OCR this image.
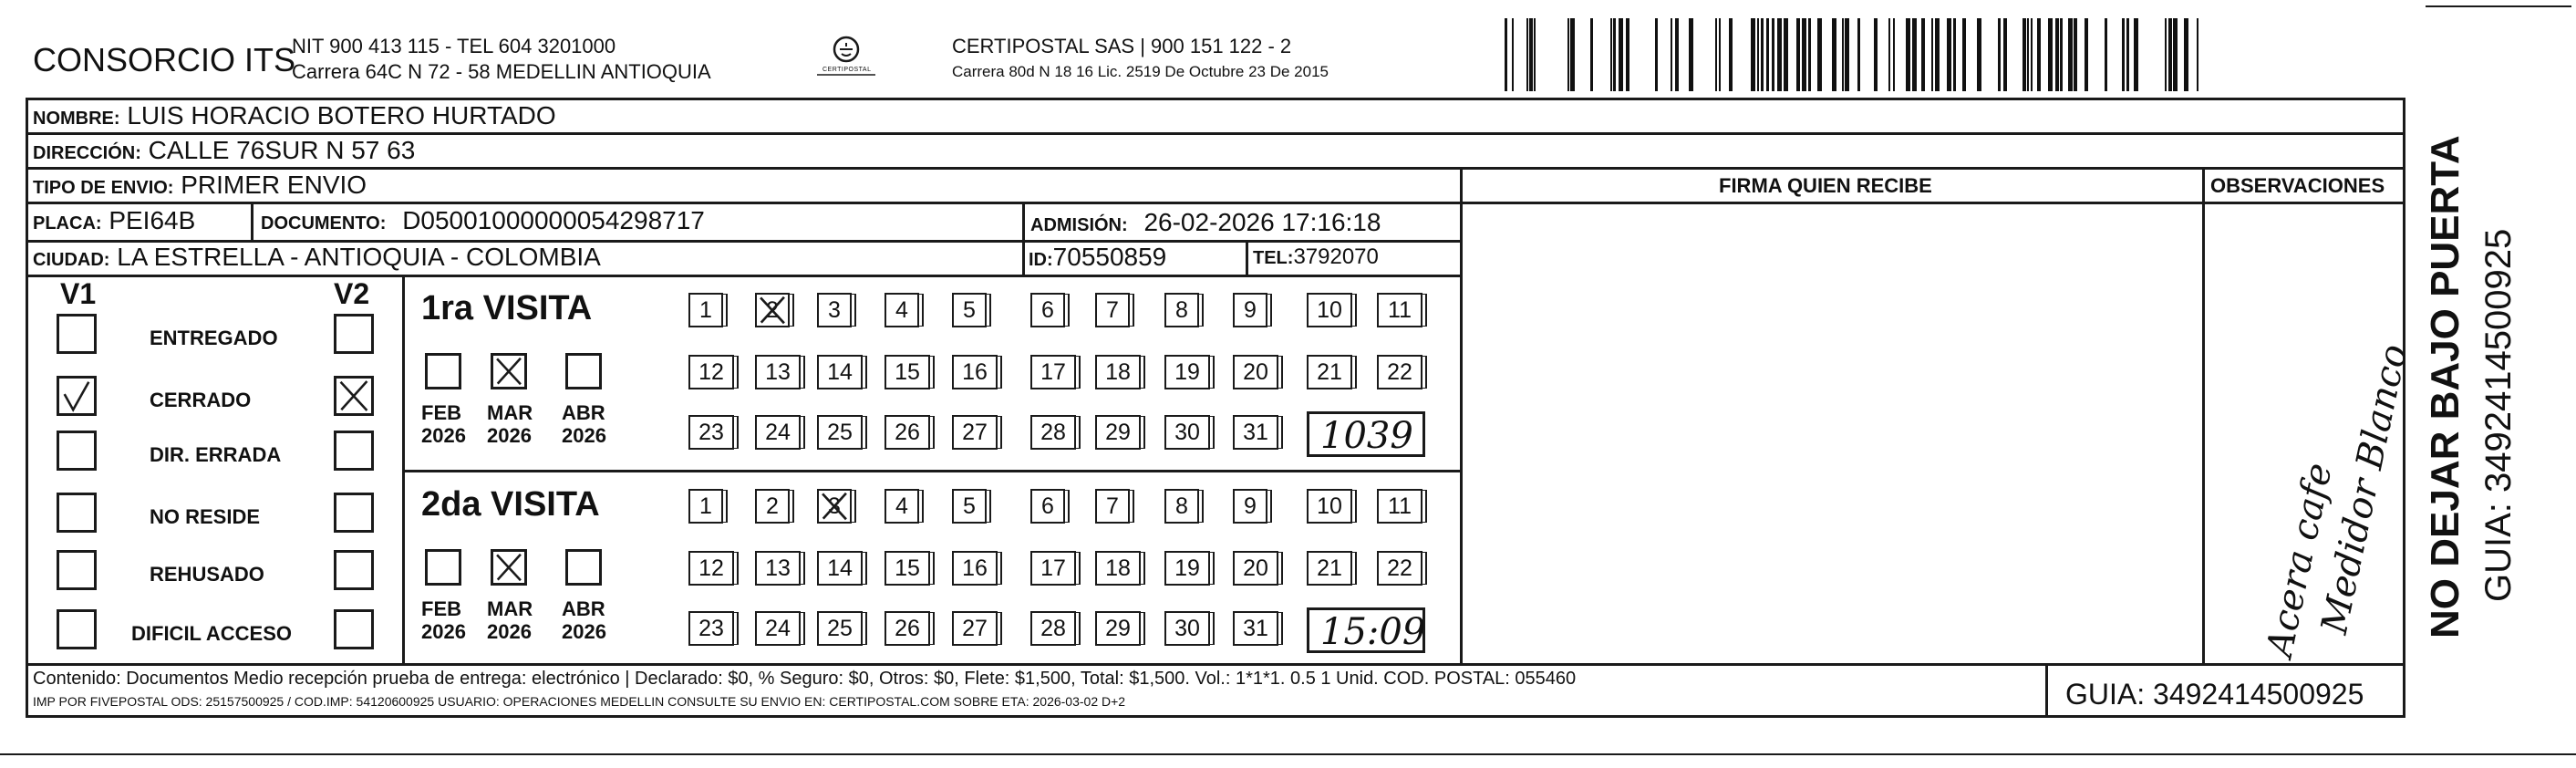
CONSORCIO ITS
NIT 900 413 115 - TEL 604 3201000
Carrera 64C N 72 - 58 MEDELLIN ANTIOQUIA	CERTIPOSTAL
CERTIPOSTAL SAS | 900 151 122 - 2
Carrera 80d N 18 16 Lic. 2519 De Octubre 23 De 2015
NOMBRE: LUIS HORACIO BOTERO HURTADO
DIRECCIÓN: CALLE 76SUR N 57 63
TIPO DE ENVIO: PRIMER ENVIO
PLACA: PEI64B	DOCUMENTO: D05001000000054298717	ADMISIÓN: 26-02-2026 17:16:18
CIUDAD: LA ESTRELLA - ANTIOQUIA - COLOMBIA	ID:70550859	TEL:3792070
FIRMA QUIEN RECIBE	OBSERVACIONES
Acera cafe
Medidor Blanco NO DEJAR BAJO PUERTA GUIA: 3492414500925
V1	V2
ENTREGADO
CERRADO
DIR. ERRADA
NO RESIDE
REHUSADO
DIFICIL ACCESO
1ra VISITA
FEB
2026
MAR
2026
ABR
2026
1	2	3	4	5	6	7	8	9	10	11
12	13	14	15	16	17	18	19	20	21	22
23	24	25	26	27	28	29	30	31 1039
2da VISITA
FEB
2026
MAR
2026
ABR
2026
1	2	3	4	5	6	7	8	9	10	11
12	13	14	15	16	17	18	19	20	21	22
23	24	25	26	27	28	29	30	31 15:09
Contenido: Documentos Medio recepción prueba de entrega: electrónico | Declarado: $0, % Seguro: $0, Otros: $0, Flete: $1,500, Total: $1,500. Vol.: 1*1*1. 0.5 1 Unid. COD. POSTAL: 055460
IMP POR FIVEPOSTAL ODS: 25157500925 / COD.IMP: 54120600925 USUARIO: OPERACIONES MEDELLIN CONSULTE SU ENVIO EN: CERTIPOSTAL.COM SOBRE ETA: 2026-03-02 D+2	GUIA: 3492414500925
